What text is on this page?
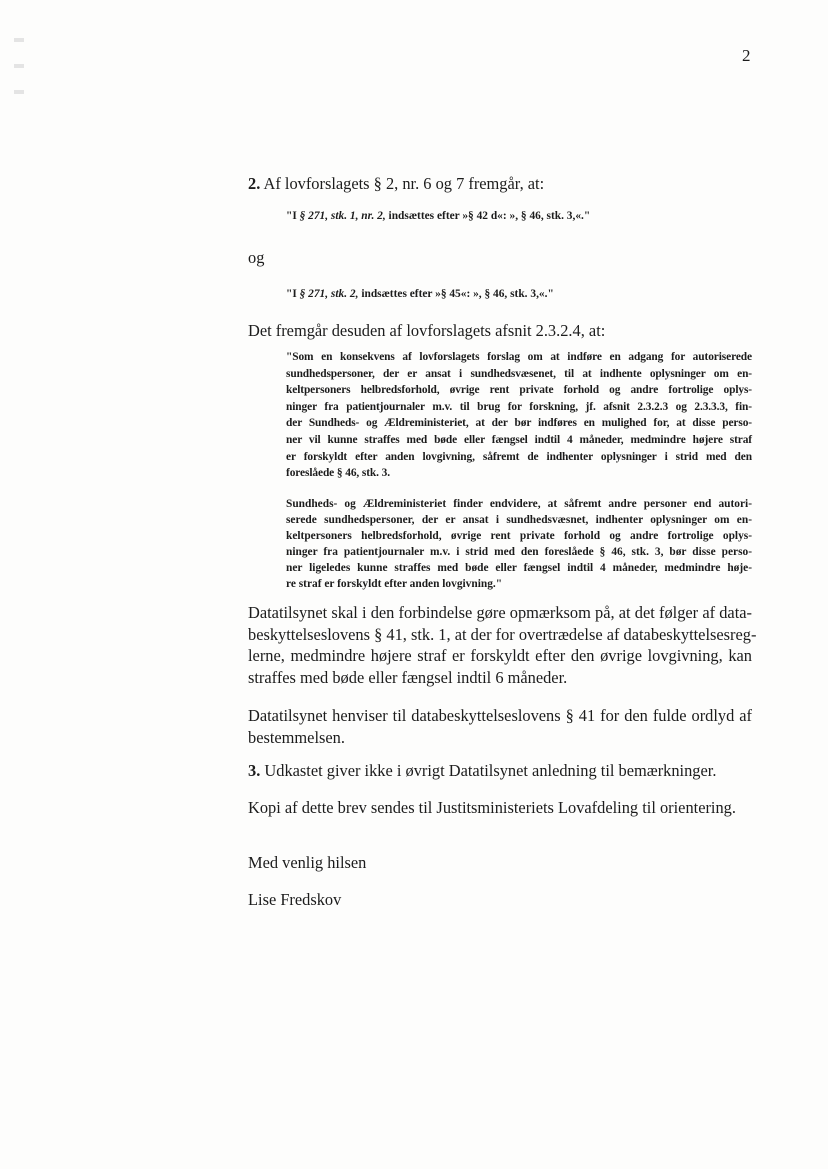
2
2. Af lovforslagets § 2, nr. 6 og 7 fremgår, at:
"I § 271, stk. 1, nr. 2, indsættes efter »§ 42 d«: », § 46, stk. 3,«."
og
"I § 271, stk. 2, indsættes efter »§ 45«: », § 46, stk. 3,«."
Det fremgår desuden af lovforslagets afsnit 2.3.2.4, at:
"Som en konsekvens af lovforslagets forslag om at indføre en adgang for autoriserede
sundhedspersoner, der er ansat i sundhedsvæsenet, til at indhente oplysninger om en-
keltpersoners helbredsforhold, øvrige rent private forhold og andre fortrolige oplys-
ninger fra patientjournaler m.v. til brug for forskning, jf. afsnit 2.3.2.3 og 2.3.3.3, fin-
der Sundheds- og Ældreministeriet, at der bør indføres en mulighed for, at disse perso-
ner vil kunne straffes med bøde eller fængsel indtil 4 måneder, medmindre højere straf
er forskyldt efter anden lovgivning, såfremt de indhenter oplysninger i strid med den
foreslåede § 46, stk. 3.
Sundheds- og Ældreministeriet finder endvidere, at såfremt andre personer end autori-
serede sundhedspersoner, der er ansat i sundhedsvæsnet, indhenter oplysninger om en-
keltpersoners helbredsforhold, øvrige rent private forhold og andre fortrolige oplys-
ninger fra patientjournaler m.v. i strid med den foreslåede § 46, stk. 3, bør disse perso-
ner ligeledes kunne straffes med bøde eller fængsel indtil 4 måneder, medmindre høje-
re straf er forskyldt efter anden lovgivning."
Datatilsynet skal i den forbindelse gøre opmærksom på, at det følger af data-
beskyttelseslovens § 41, stk. 1, at der for overtrædelse af databeskyttelsesreg-
lerne, medmindre højere straf er forskyldt efter den øvrige lovgivning, kan
straffes med bøde eller fængsel indtil 6 måneder.
Datatilsynet henviser til databeskyttelseslovens § 41 for den fulde ordlyd af
bestemmelsen.
3. Udkastet giver ikke i øvrigt Datatilsynet anledning til bemærkninger.
Kopi af dette brev sendes til Justitsministeriets Lovafdeling til orientering.
Med venlig hilsen
Lise Fredskov
